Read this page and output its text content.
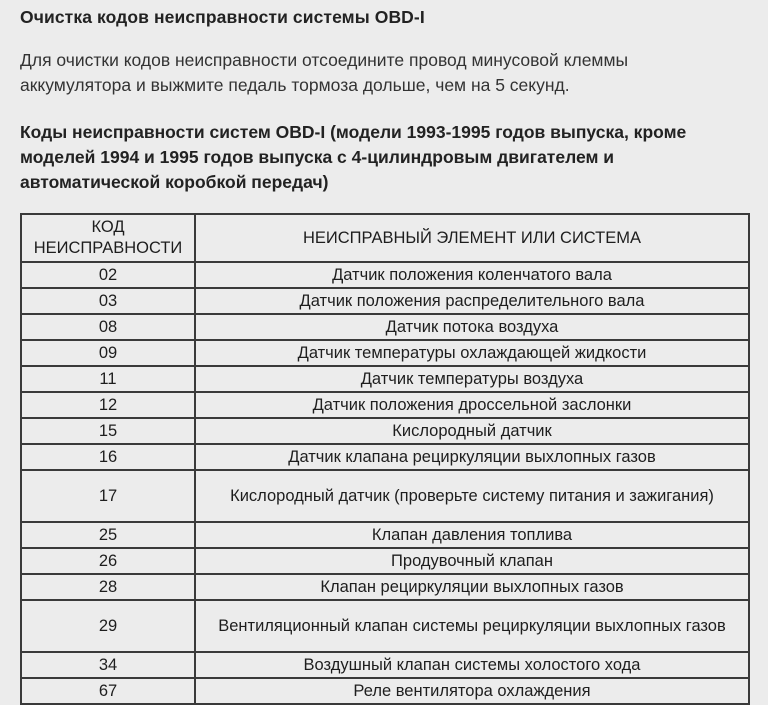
Очистка кодов неисправности системы OBD-I

Для очистки кодов неисправности отсоедините провод минусовой клеммы аккумулятора и выжмите педаль тормоза дольше, чем на 5 секунд.

Коды неисправности систем OBD-I (модели 1993-1995 годов выпуска, кроме моделей 1994 и 1995 годов выпуска с 4-цилиндровым двигателем и автоматической коробкой передач)
КОД НЕИСПРАВНОСТИ	НЕИСПРАВНЫЙ ЭЛЕМЕНТ ИЛИ СИСТЕМА
02	Датчик положения коленчатого вала
03	Датчик положения распределительного вала
08	Датчик потока воздуха
09	Датчик температуры охлаждающей жидкости
11	Датчик температуры воздуха
12	Датчик положения дроссельной заслонки
15	Кислородный датчик
16	Датчик клапана рециркуляции выхлопных газов
17	Кислородный датчик (проверьте систему питания и зажигания)
25	Клапан давления топлива
26	Продувочный клапан
28	Клапан рециркуляции выхлопных газов
29	Вентиляционный клапан системы рециркуляции выхлопных газов
34	Воздушный клапан системы холостого хода
67	Реле вентилятора охлаждения
